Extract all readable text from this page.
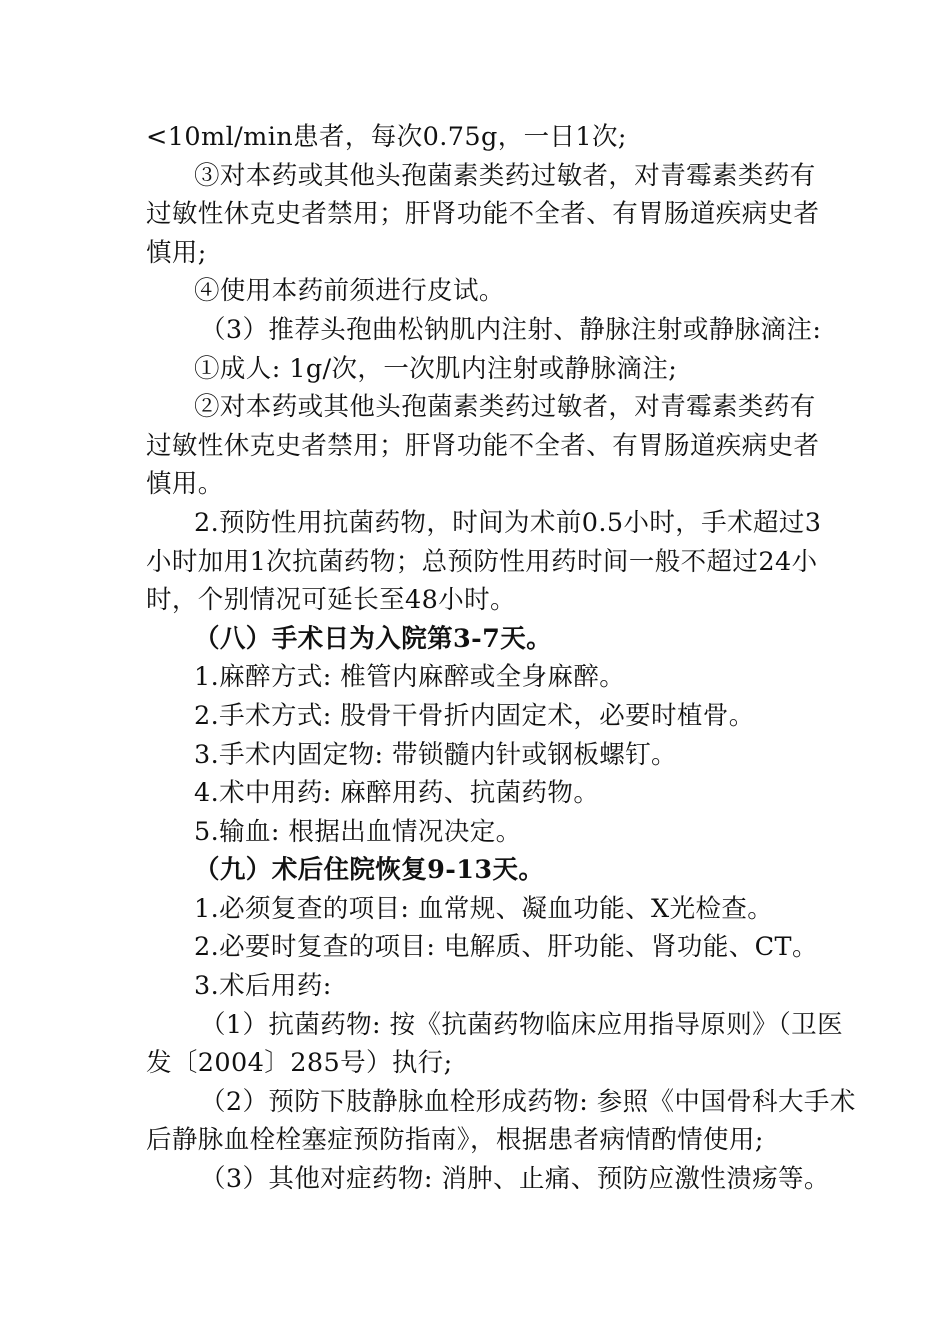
<10ml/min患者，每次0.75g，一日1次;
③对本药或其他头孢菌素类药过敏者，对青霉素类药有
过敏性休克史者禁用；肝肾功能不全者、有胃肠道疾病史者
慎用;
④使用本药前须进行皮试。
（3）推荐头孢曲松钠肌内注射、静脉注射或静脉滴注:
①成人: 1g/次，一次肌内注射或静脉滴注;
②对本药或其他头孢菌素类药过敏者，对青霉素类药有
过敏性休克史者禁用；肝肾功能不全者、有胃肠道疾病史者
慎用。
2.预防性用抗菌药物，时间为术前0.5小时，手术超过3
小时加用1次抗菌药物；总预防性用药时间一般不超过24小
时，个别情况可延长至48小时。
（八）手术日为入院第3-7天。
1.麻醉方式: 椎管内麻醉或全身麻醉。
2.手术方式: 股骨干骨折内固定术，必要时植骨。
3.手术内固定物: 带锁髓内针或钢板螺钉。
4.术中用药: 麻醉用药、抗菌药物。
5.输血: 根据出血情况决定。
（九）术后住院恢复9-13天。
1.必须复查的项目: 血常规、凝血功能、X光检查。
2.必要时复查的项目: 电解质、肝功能、肾功能、CT。
3.术后用药:
（1）抗菌药物: 按《抗菌药物临床应用指导原则》（卫医
发〔2004〕285号）执行;
（2）预防下肢静脉血栓形成药物: 参照《中国骨科大手术
后静脉血栓栓塞症预防指南》，根据患者病情酌情使用;
（3）其他对症药物: 消肿、止痛、预防应激性溃疡等。
